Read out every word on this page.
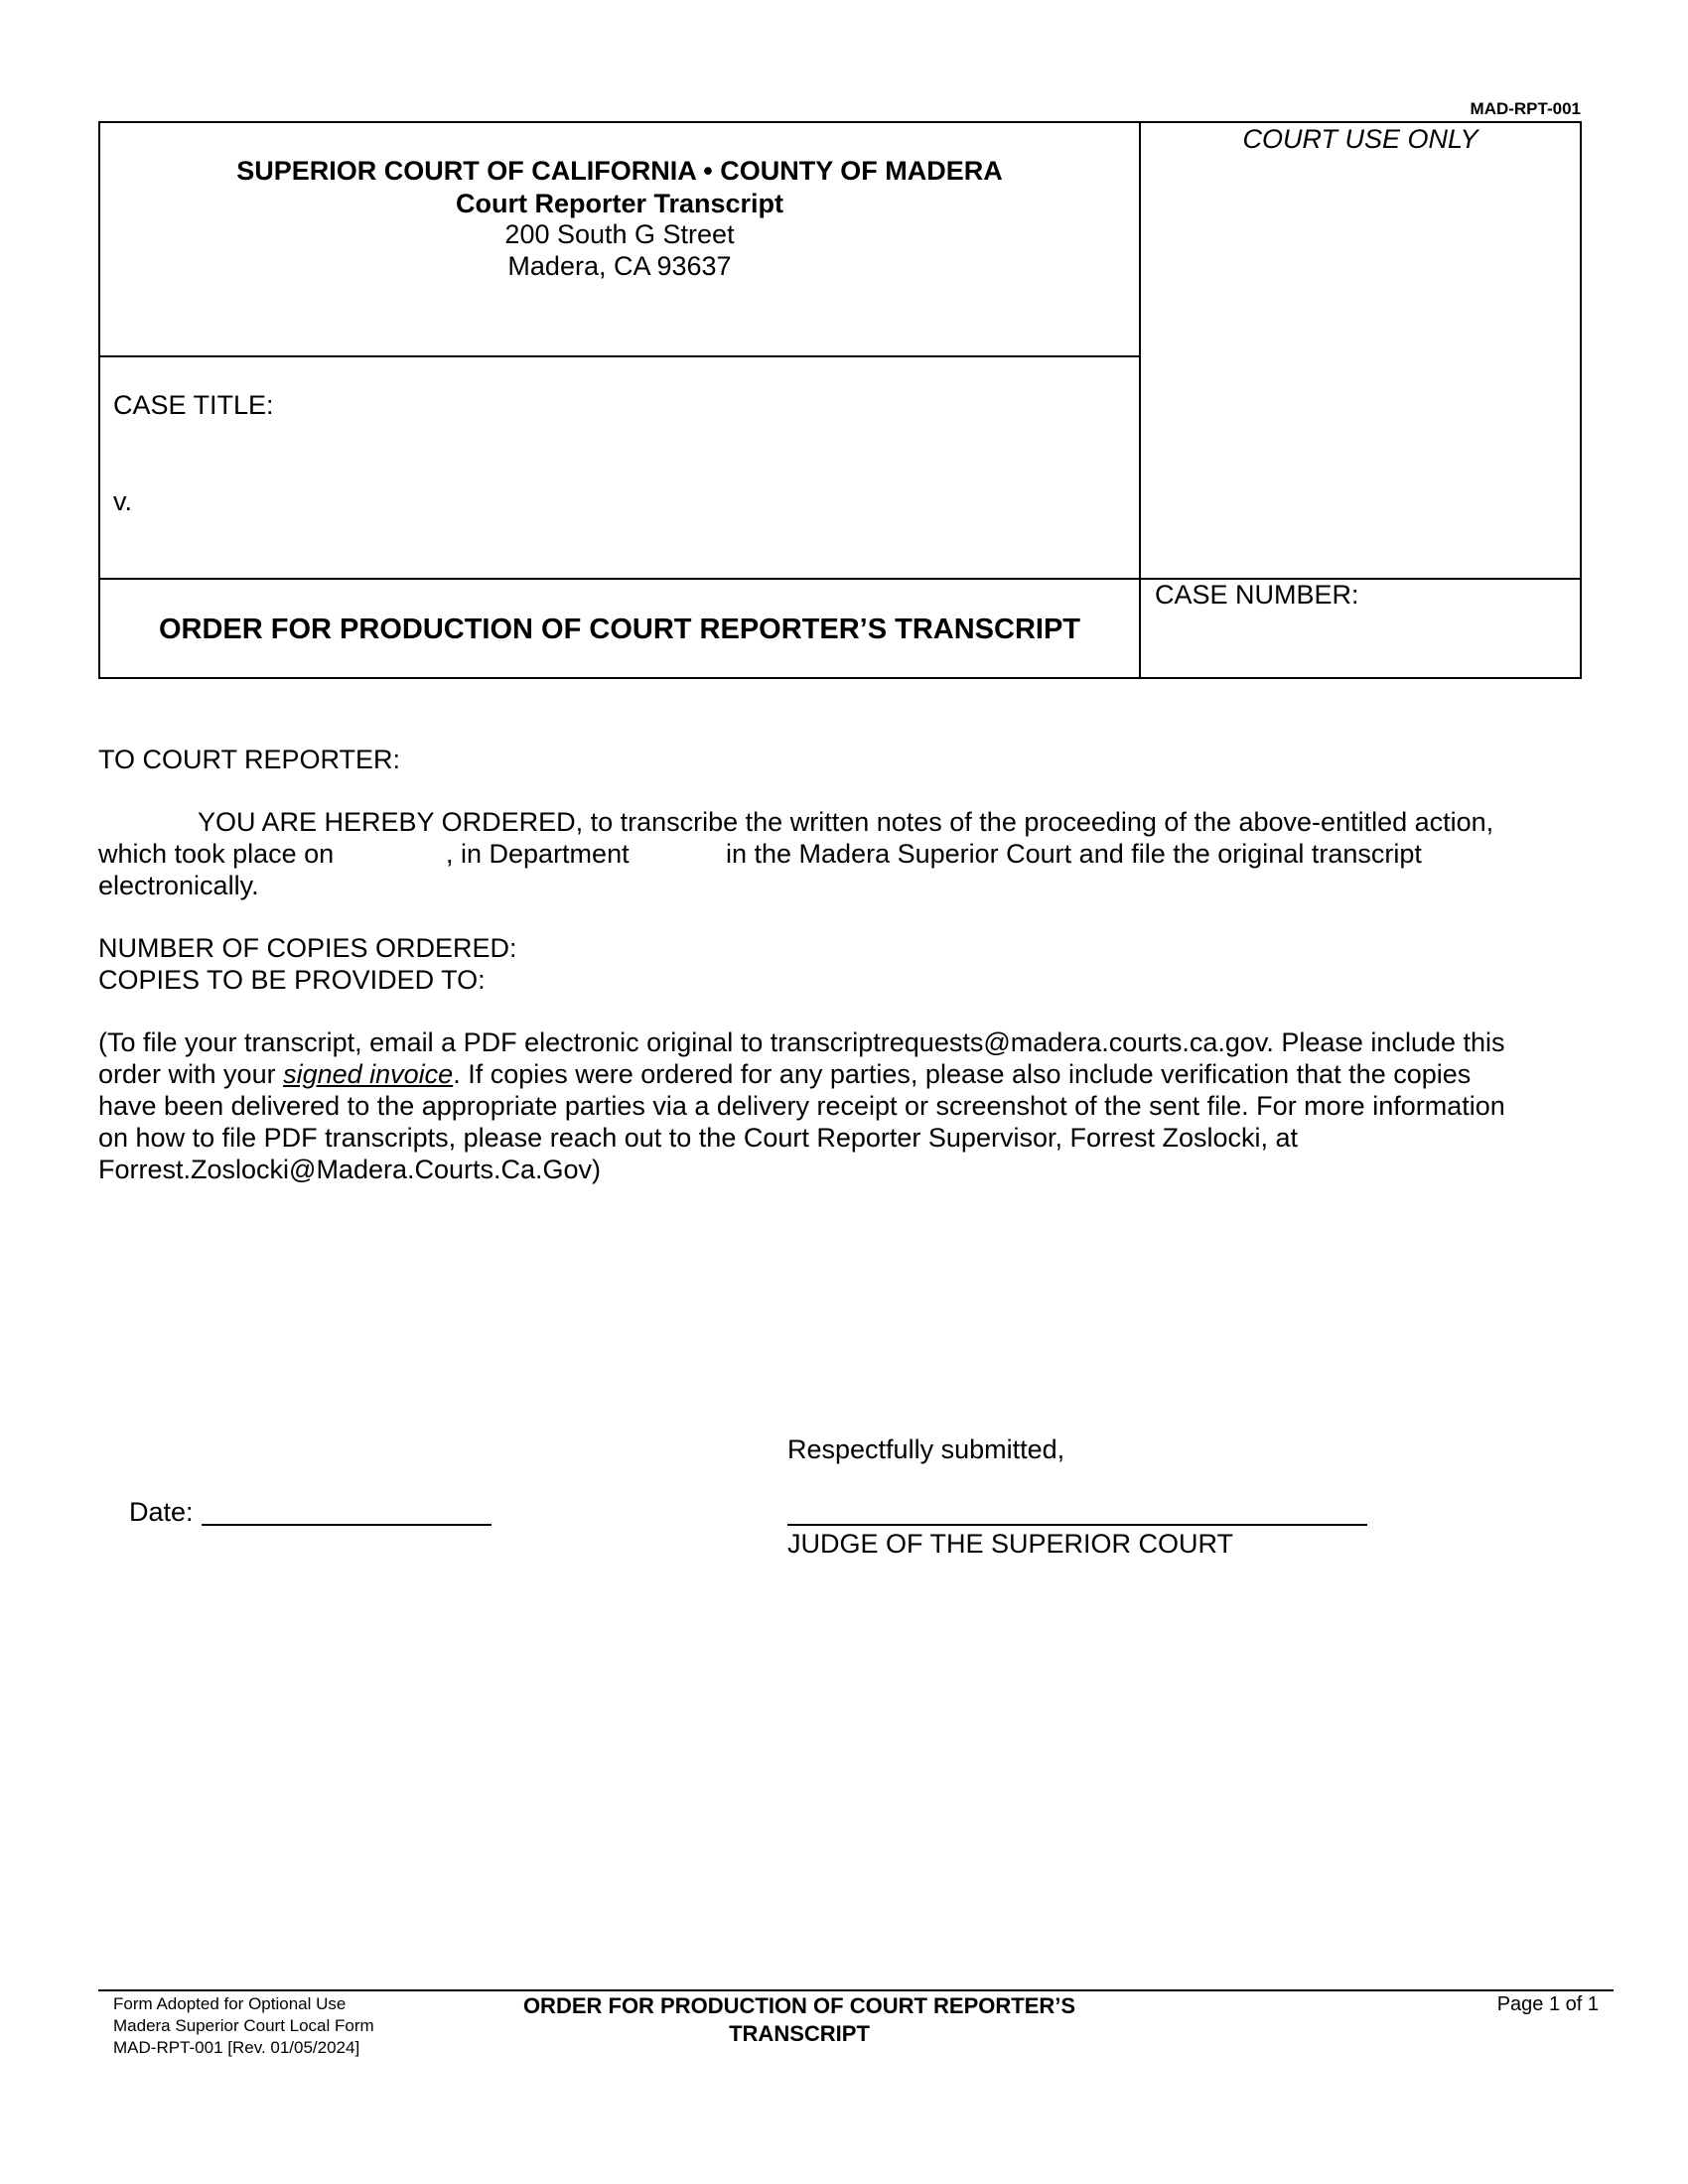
MAD-RPT-001
SUPERIOR COURT OF CALIFORNIA • COUNTY OF MADERA
Court Reporter Transcript
200 South G Street
Madera, CA 93637
COURT USE ONLY
CASE TITLE:
v.
ORDER FOR PRODUCTION OF COURT REPORTER’S TRANSCRIPT
CASE NUMBER:
TO COURT REPORTER:
YOU ARE HEREBY ORDERED, to transcribe the written notes of the proceeding of the above-entitled action,
which took place on	, in Department	in the Madera Superior Court and file the original transcript
electronically.
NUMBER OF COPIES ORDERED:
COPIES TO BE PROVIDED TO:
(To file your transcript, email a PDF electronic original to transcriptrequests@madera.courts.ca.gov. Please include this
order with your signed invoice. If copies were ordered for any parties, please also include verification that the copies
have been delivered to the appropriate parties via a delivery receipt or screenshot of the sent file. For more information
on how to file PDF transcripts, please reach out to the Court Reporter Supervisor, Forrest Zoslocki, at
Forrest.Zoslocki@Madera.Courts.Ca.Gov)
Respectfully submitted,
Date:
JUDGE OF THE SUPERIOR COURT
Form Adopted for Optional Use
Madera Superior Court Local Form
MAD-RPT-001 [Rev. 01/05/2024]
ORDER FOR PRODUCTION OF COURT REPORTER’S
TRANSCRIPT
Page 1 of 1
